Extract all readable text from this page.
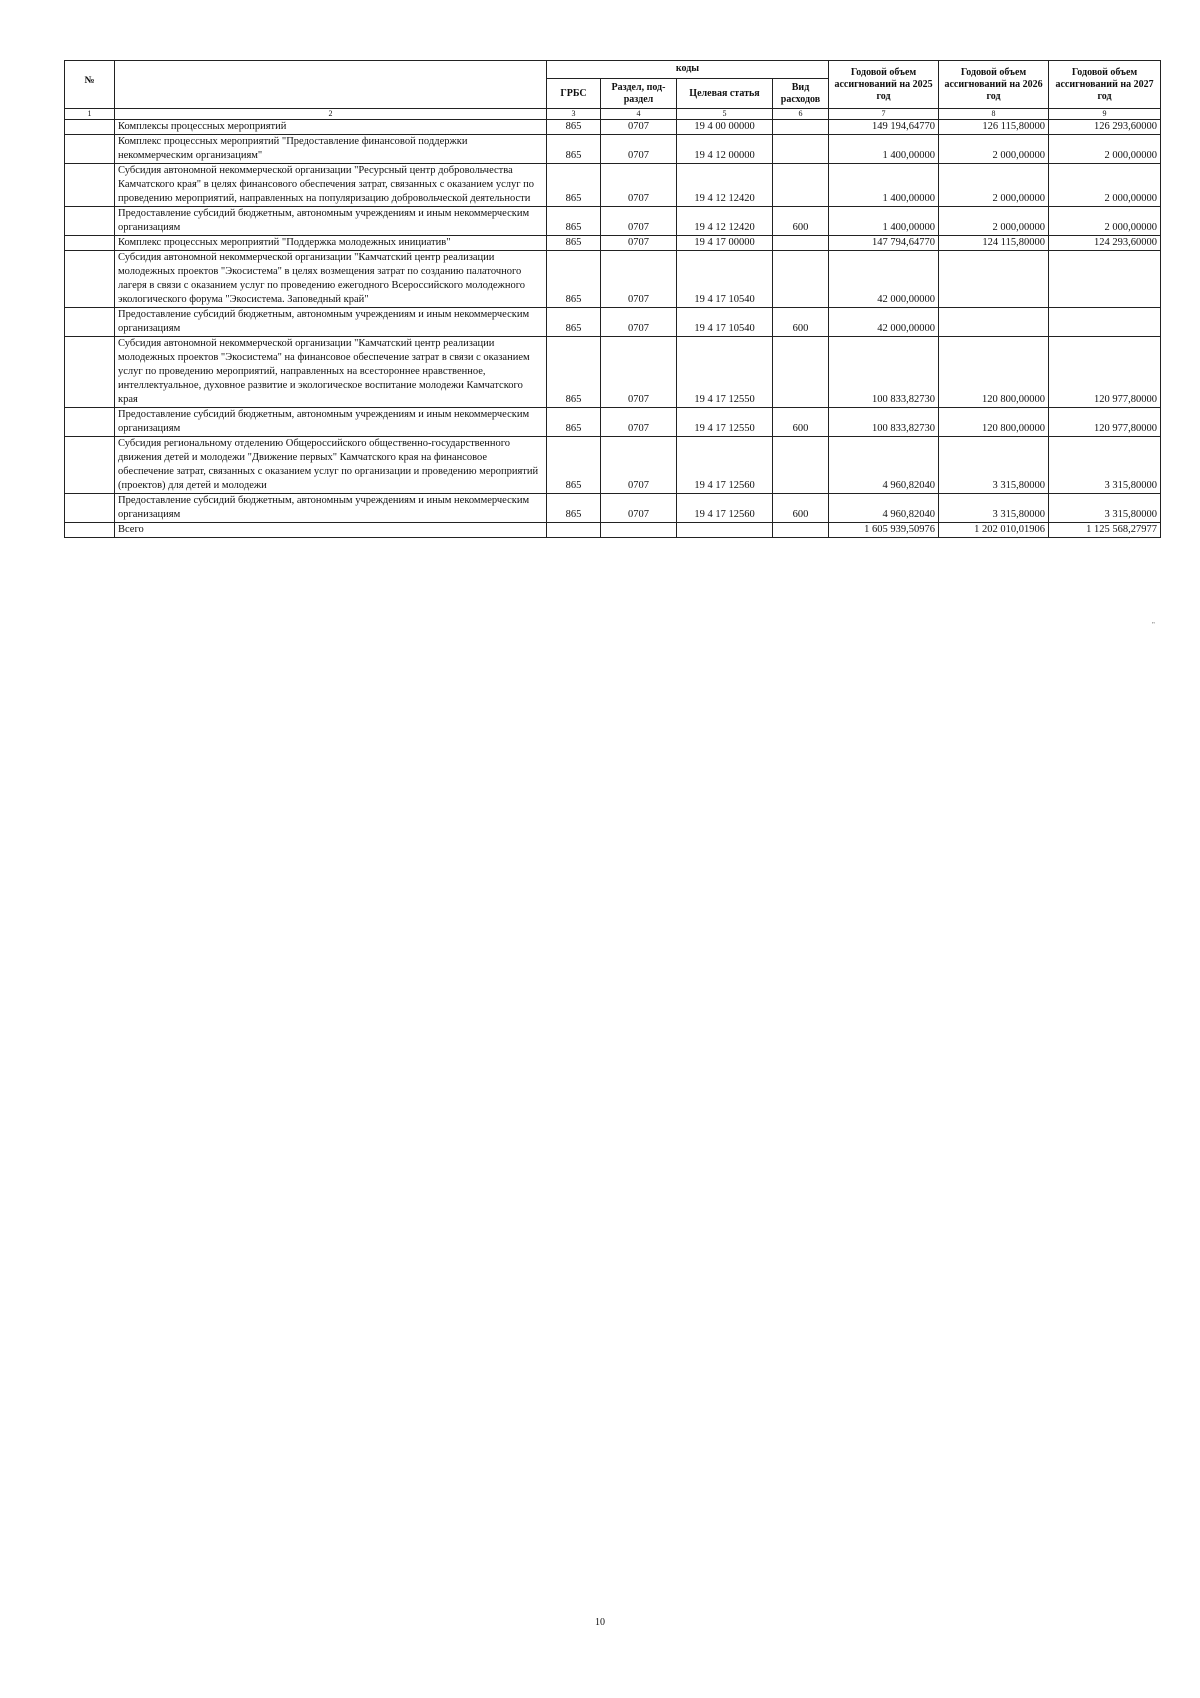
№		коды				Годовой объем ассигнований на 2025 год	Годовой объем ассигнований на 2026 год	Годовой объем ассигнований на 2027 год
		ГРБС	Раздел, под-раздел	Целевая статья	Вид расходов			
1	2	3	4	5	6	7	8	9
	Комплексы процессных мероприятий	865	0707	19 4 00 00000		149 194,64770	126 115,80000	126 293,60000
	Комплекс процессных мероприятий "Предоставление финансовой поддержки некоммерческим организациям"	865	0707	19 4 12 00000		1 400,00000	2 000,00000	2 000,00000
	Субсидия автономной некоммерческой организации "Ресурсный центр добровольчества Камчатского края" в целях финансового обеспечения затрат, связанных с оказанием услуг по проведению мероприятий, направленных на популяризацию добровольческой деятельности	865	0707	19 4 12 12420		1 400,00000	2 000,00000	2 000,00000
	Предоставление субсидий бюджетным, автономным учреждениям и иным некоммерческим организациям	865	0707	19 4 12 12420	600	1 400,00000	2 000,00000	2 000,00000
	Комплекс процессных мероприятий "Поддержка молодежных инициатив"	865	0707	19 4 17 00000		147 794,64770	124 115,80000	124 293,60000
	Субсидия автономной некоммерческой организации "Камчатский центр реализации молодежных проектов "Экосистема" в целях возмещения затрат по созданию палаточного лагеря в связи с оказанием услуг по проведению ежегодного Всероссийского молодежного экологического форума "Экосистема. Заповедный край"	865	0707	19 4 17 10540		42 000,00000		
	Предоставление субсидий бюджетным, автономным учреждениям и иным некоммерческим организациям	865	0707	19 4 17 10540	600	42 000,00000		
	Субсидия автономной некоммерческой организации "Камчатский центр реализации молодежных проектов "Экосистема" на финансовое обеспечение затрат в связи с оказанием услуг по проведению мероприятий, направленных на всестороннее нравственное, интеллектуальное, духовное развитие и экологическое воспитание молодежи Камчатского края	865	0707	19 4 17 12550		100 833,82730	120 800,00000	120 977,80000
	Предоставление субсидий бюджетным, автономным учреждениям и иным некоммерческим организациям	865	0707	19 4 17 12550	600	100 833,82730	120 800,00000	120 977,80000
	Субсидия региональному отделению Общероссийского общественно-государственного движения детей и молодежи "Движение первых" Камчатского края на финансовое обеспечение затрат, связанных с оказанием услуг по организации и проведению мероприятий (проектов) для детей и молодежи	865	0707	19 4 17 12560		4 960,82040	3 315,80000	3 315,80000
	Предоставление субсидий бюджетным, автономным учреждениям и иным некоммерческим организациям	865	0707	19 4 17 12560	600	4 960,82040	3 315,80000	3 315,80000
	Всего					1 605 939,50976	1 202 010,01906	1 125 568,27977
"
10
